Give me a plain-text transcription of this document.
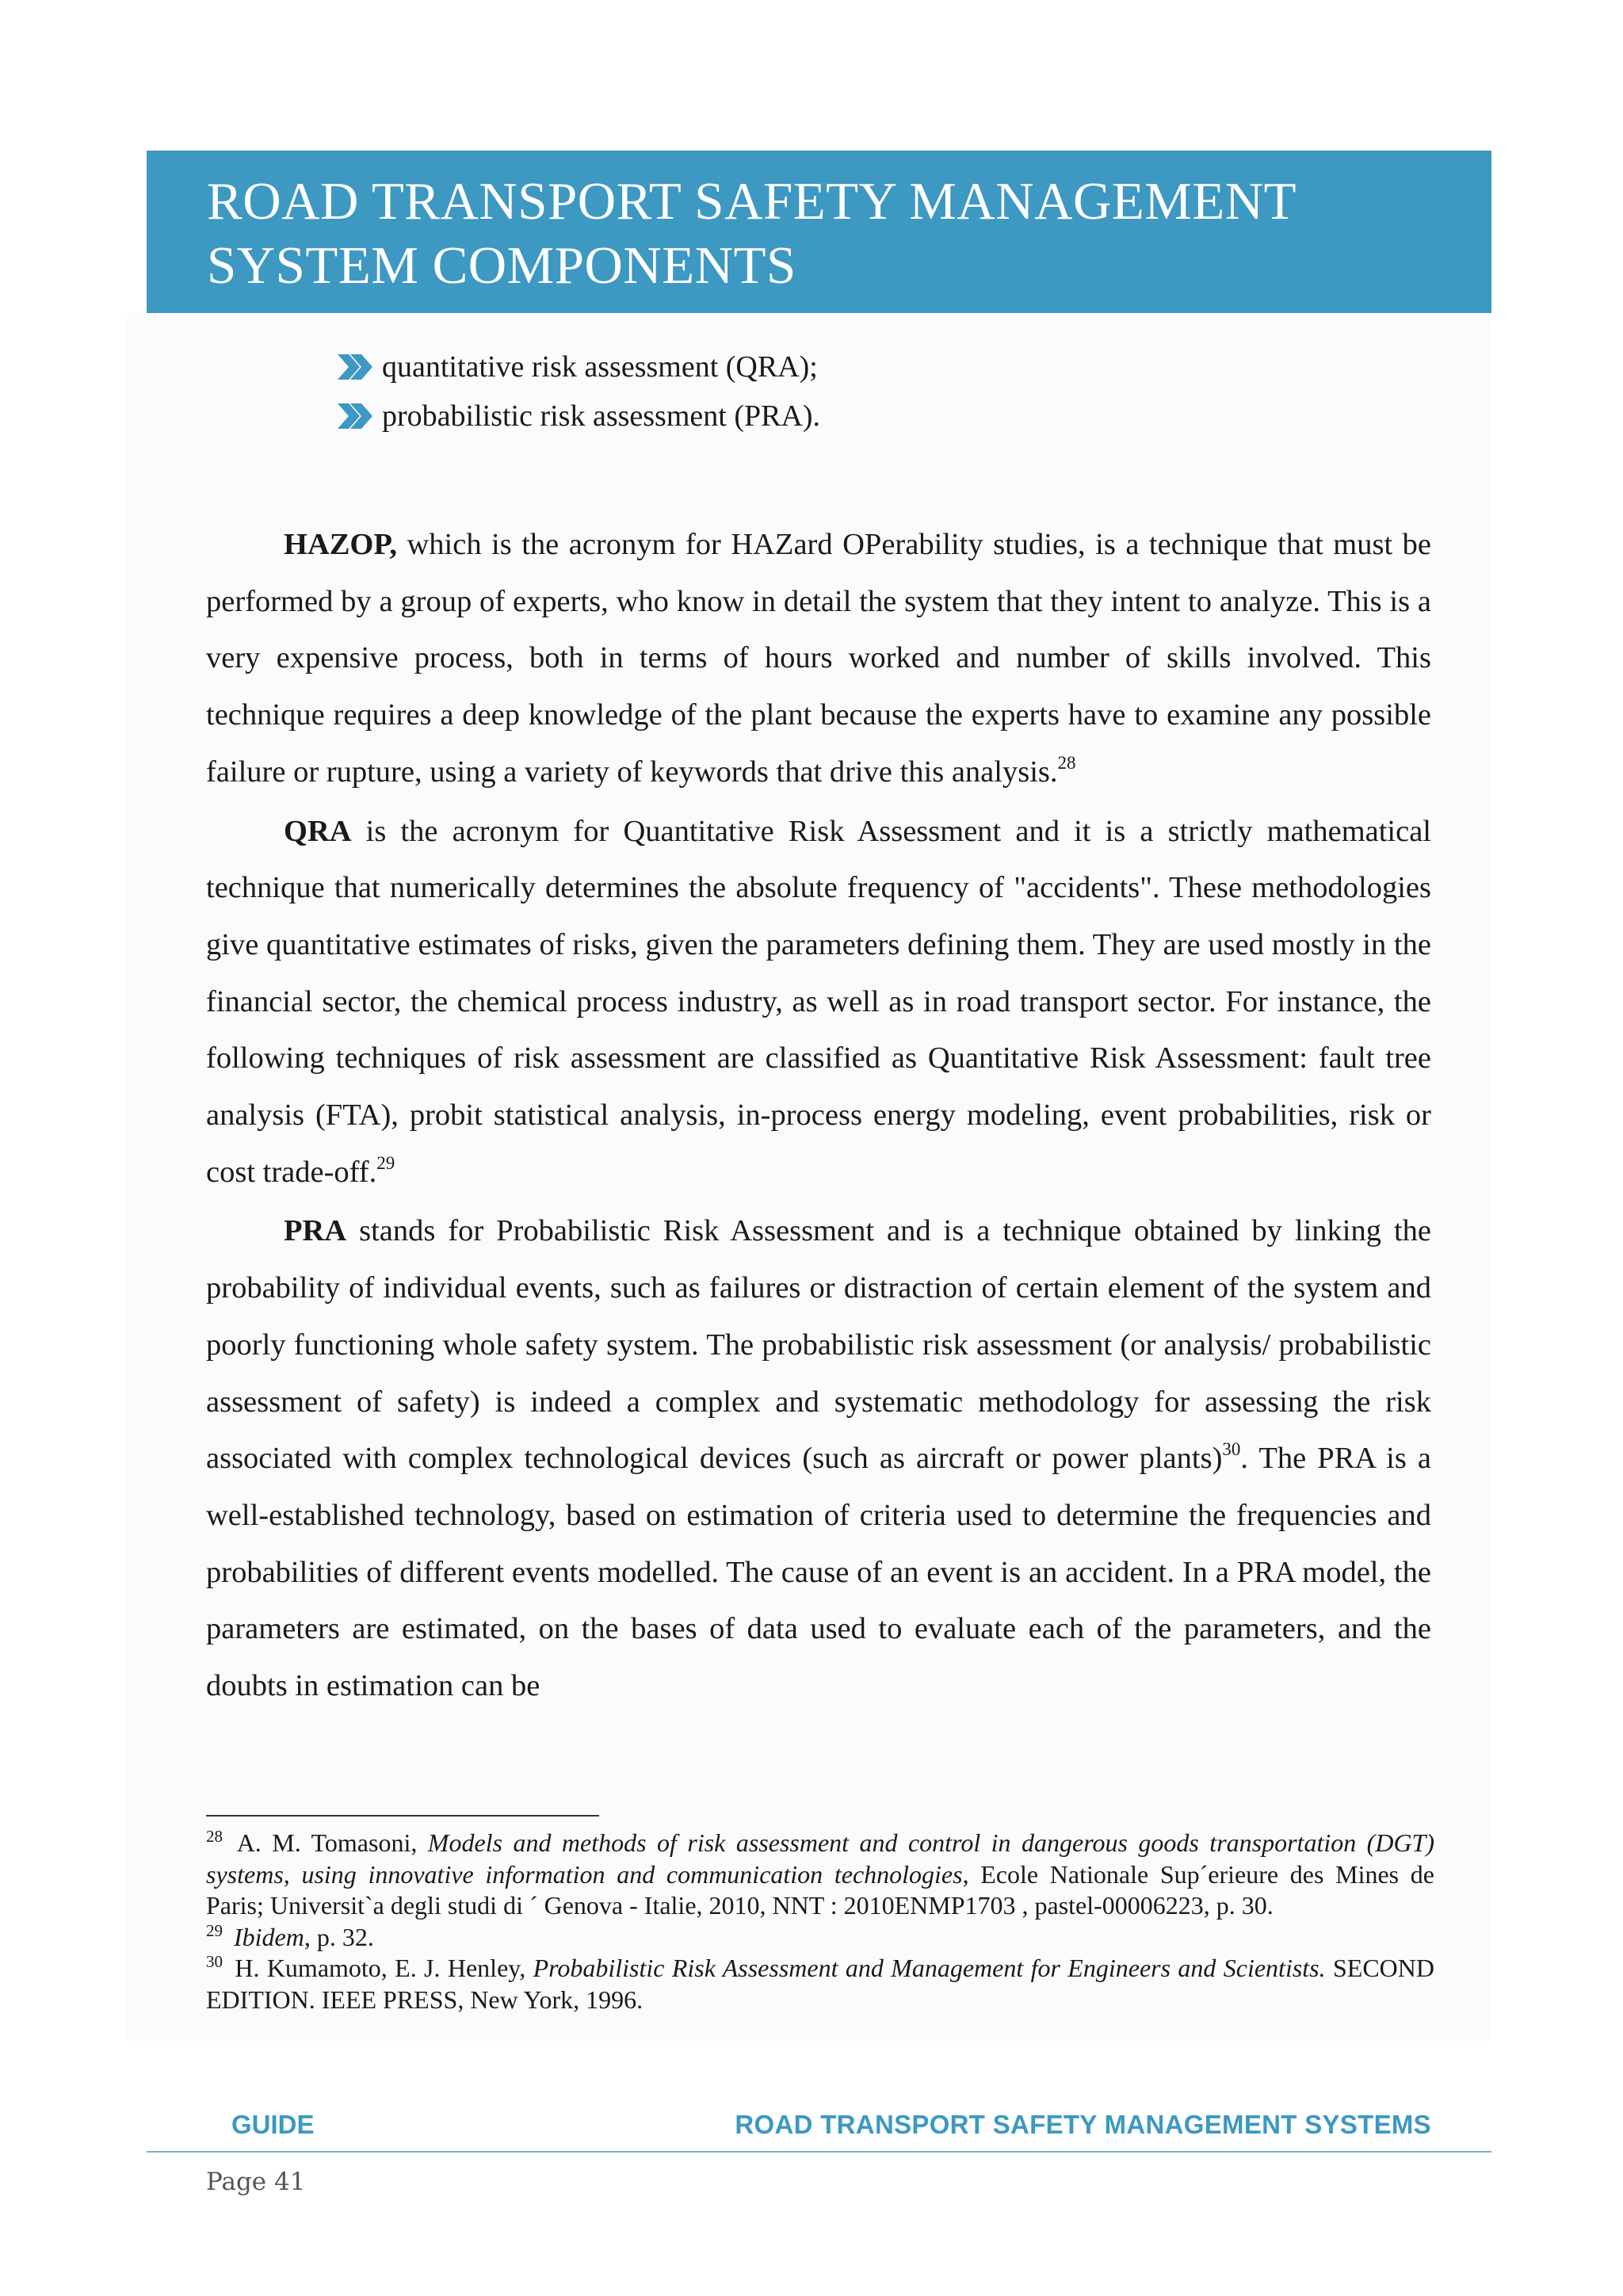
ROAD TRANSPORT SAFETY MANAGEMENT
SYSTEM COMPONENTS
quantitative risk assessment (QRA);
probabilistic risk assessment (PRA).

HAZOP, which is the acronym for HAZard OPerability studies, is a technique that must be performed by a group of experts, who know in detail the system that they intent to analyze. This is a very expensive process, both in terms of hours worked and number of skills involved. This technique requires a deep knowledge of the plant because the experts have to examine any possible failure or rupture, using a variety of keywords that drive this analysis.$^{28}$

QRA is the acronym for Quantitative Risk Assessment and it is a strictly mathematical technique that numerically determines the absolute frequency of "accidents". These methodologies give quantitative estimates of risks, given the parameters defining them. They are used mostly in the financial sector, the chemical process industry, as well as in road transport sector. For instance, the following techniques of risk assessment are classified as Quantitative Risk Assessment: fault tree analysis (FTA), probit statistical analysis, in-process energy modeling, event probabilities, risk or cost trade-off.$^{29}$

PRA stands for Probabilistic Risk Assessment and is a technique obtained by linking the probability of individual events, such as failures or distraction of certain element of the system and poorly functioning whole safety system. The probabilistic risk assessment (or analysis/ probabilistic assessment of safety) is indeed a complex and systematic methodology for assessing the risk associated with complex technological devices (such as aircraft or power plants)$^{30}$. The PRA is a well-established technology, based on estimation of criteria used to determine the frequencies and probabilities of different events modelled. The cause of an event is an accident. In a PRA model, the parameters are estimated, on the bases of data used to evaluate each of the parameters, and the doubts in estimation can be

$^{28}$ A. M. Tomasoni, Models and methods of risk assessment and control in dangerous goods transportation (DGT) systems, using innovative information and communication technologies, Ecole Nationale Sup´erieure des Mines de Paris; Universit`a degli studi di ´ Genova - Italie, 2010, NNT : 2010ENMP1703 , pastel-00006223, p. 30.

$^{29}$ Ibidem, p. 32.

$^{30}$ H. Kumamoto, E. J. Henley, Probabilistic Risk Assessment and Management for Engineers and Scientists. SECOND EDITION. IEEE PRESS, New York, 1996.

GUIDE	ROAD TRANSPORT SAFETY MANAGEMENT SYSTEMS
Page 41
